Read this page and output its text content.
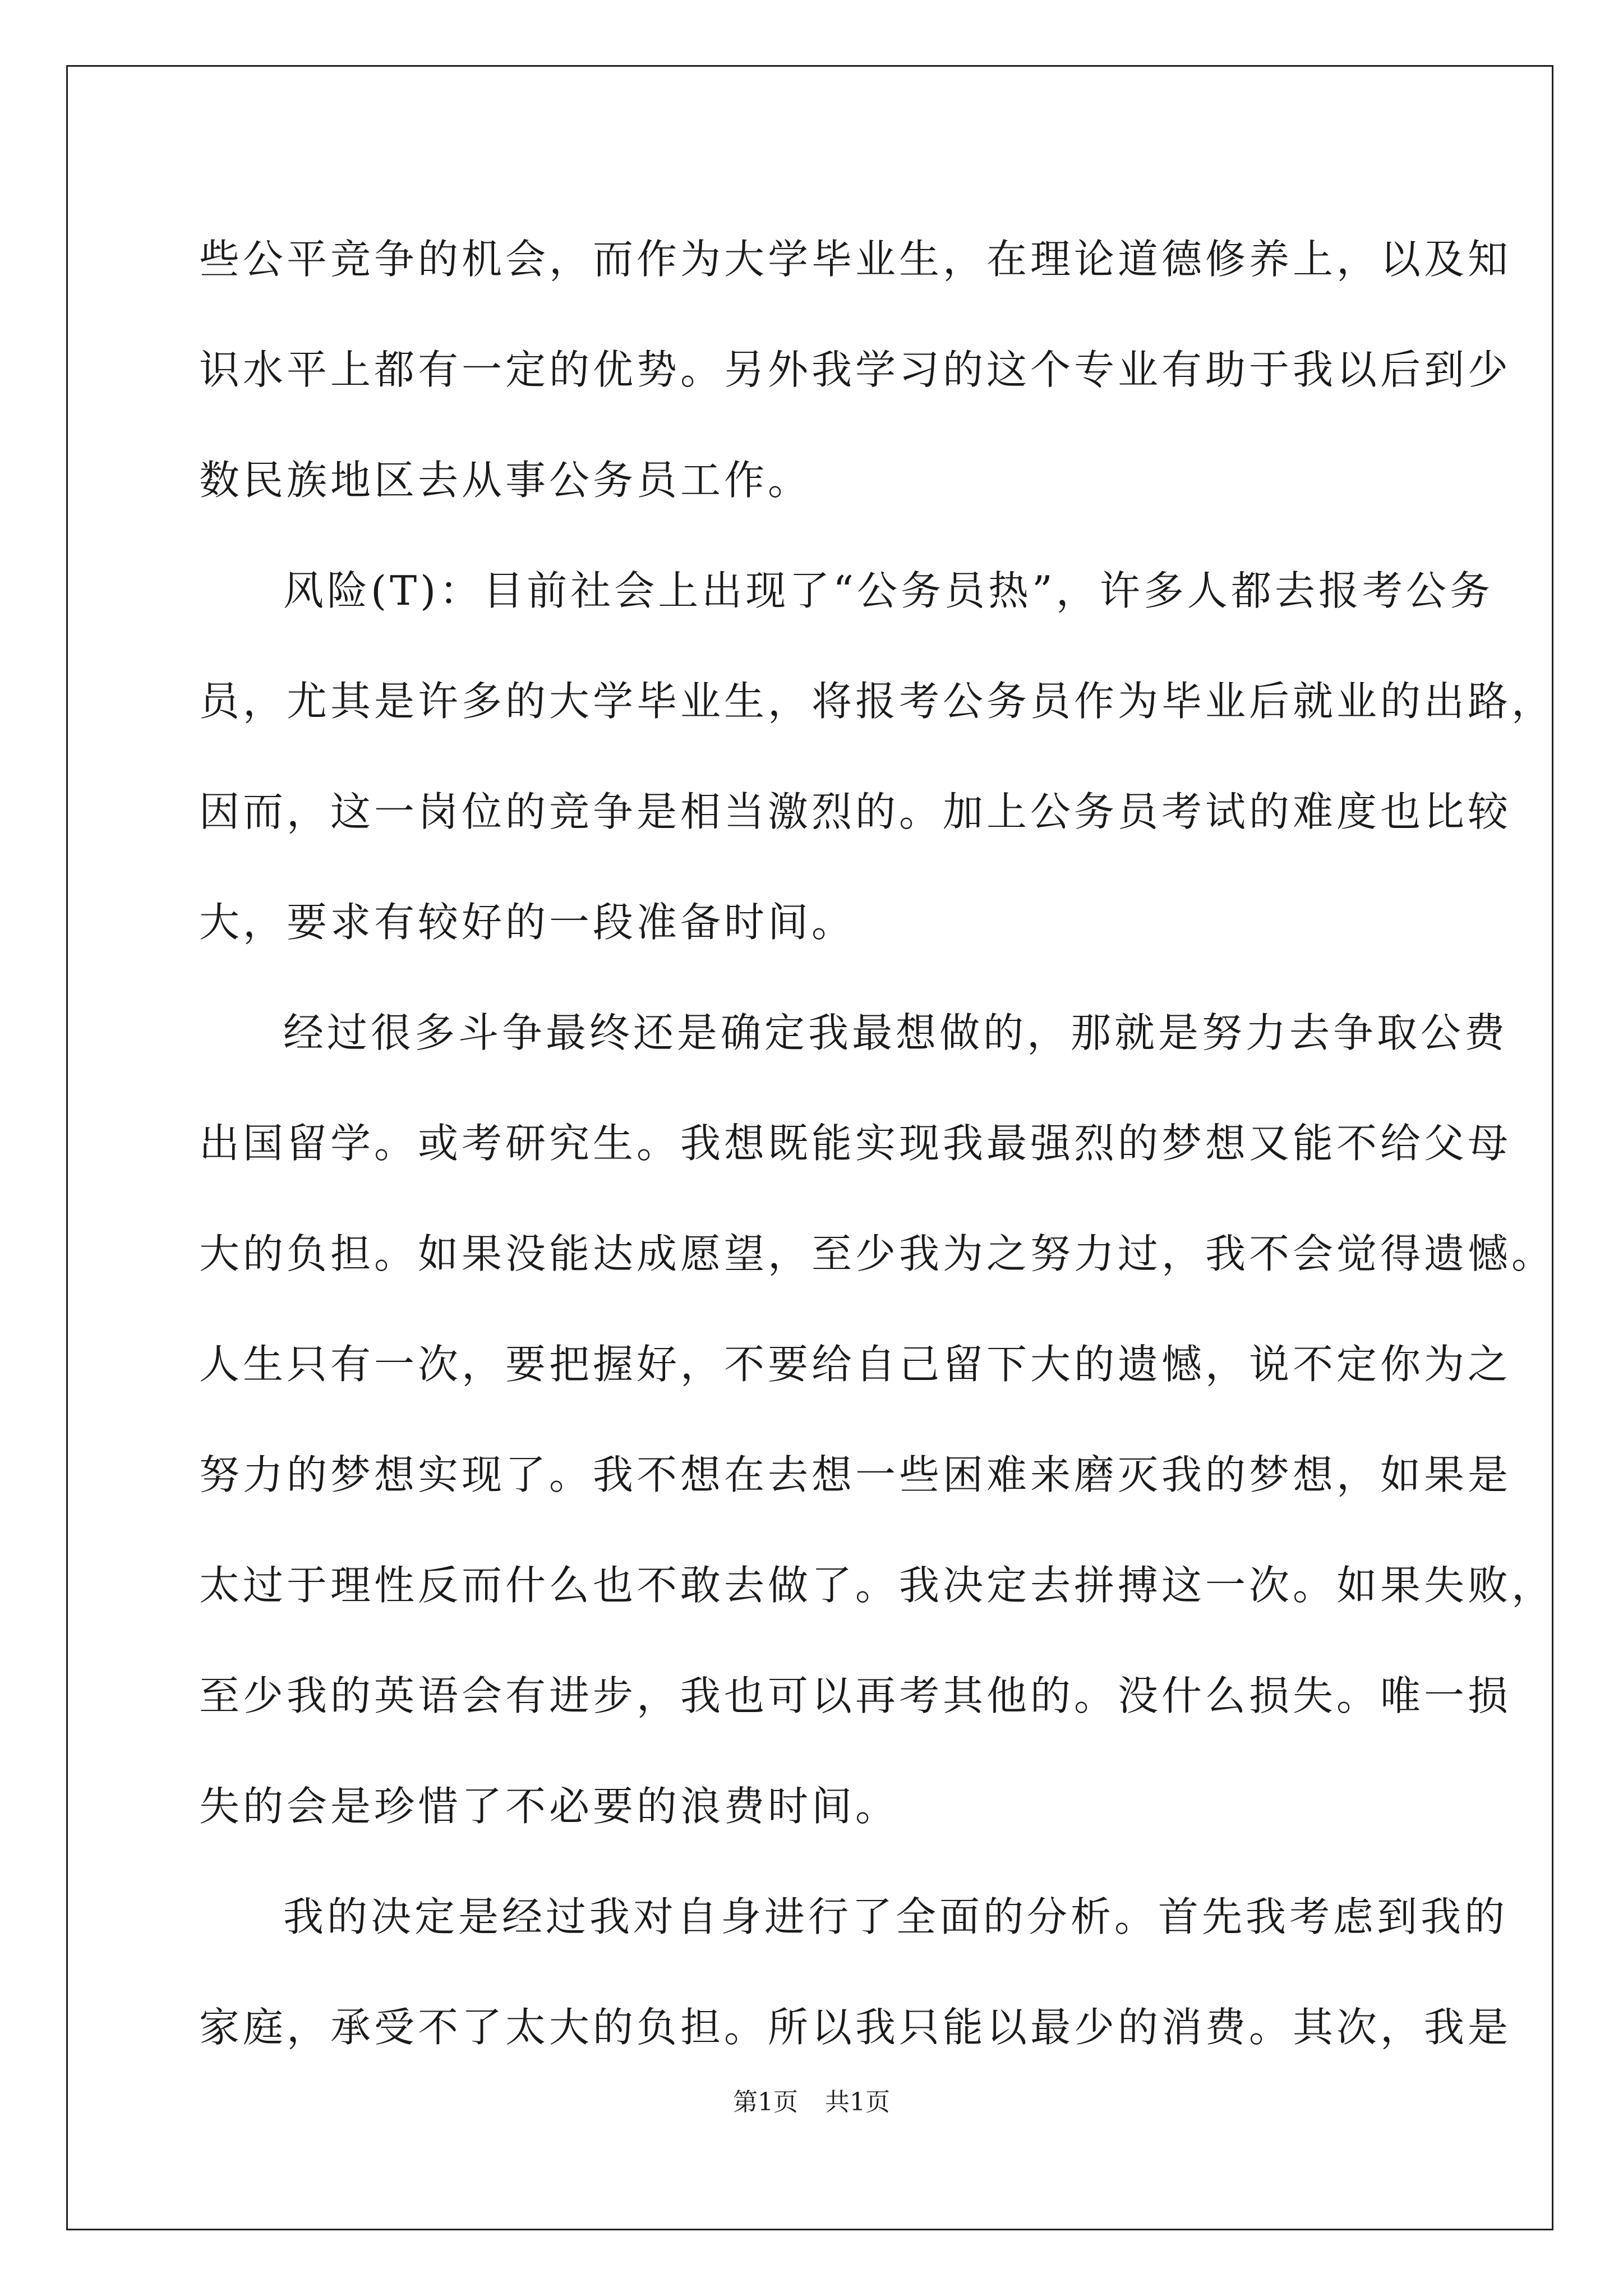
些公平竞争的机会，而作为大学毕业生，在理论道德修养上，以及知
识水平上都有一定的优势。另外我学习的这个专业有助于我以后到少
数民族地区去从事公务员工作。
风险(T)：目前社会上出现了“公务员热”，许多人都去报考公务
员，尤其是许多的大学毕业生，将报考公务员作为毕业后就业的出路，
因而，这一岗位的竞争是相当激烈的。加上公务员考试的难度也比较
大，要求有较好的一段准备时间。
经过很多斗争最终还是确定我最想做的，那就是努力去争取公费
出国留学。或考研究生。我想既能实现我最强烈的梦想又能不给父母
大的负担。如果没能达成愿望，至少我为之努力过，我不会觉得遗憾。
人生只有一次，要把握好，不要给自己留下大的遗憾，说不定你为之
努力的梦想实现了。我不想在去想一些困难来磨灭我的梦想，如果是
太过于理性反而什么也不敢去做了。我决定去拼搏这一次。如果失败，
至少我的英语会有进步，我也可以再考其他的。没什么损失。唯一损
失的会是珍惜了不必要的浪费时间。
我的决定是经过我对自身进行了全面的分析。首先我考虑到我的
家庭，承受不了太大的负担。所以我只能以最少的消费。其次，我是
第1页 共1页
